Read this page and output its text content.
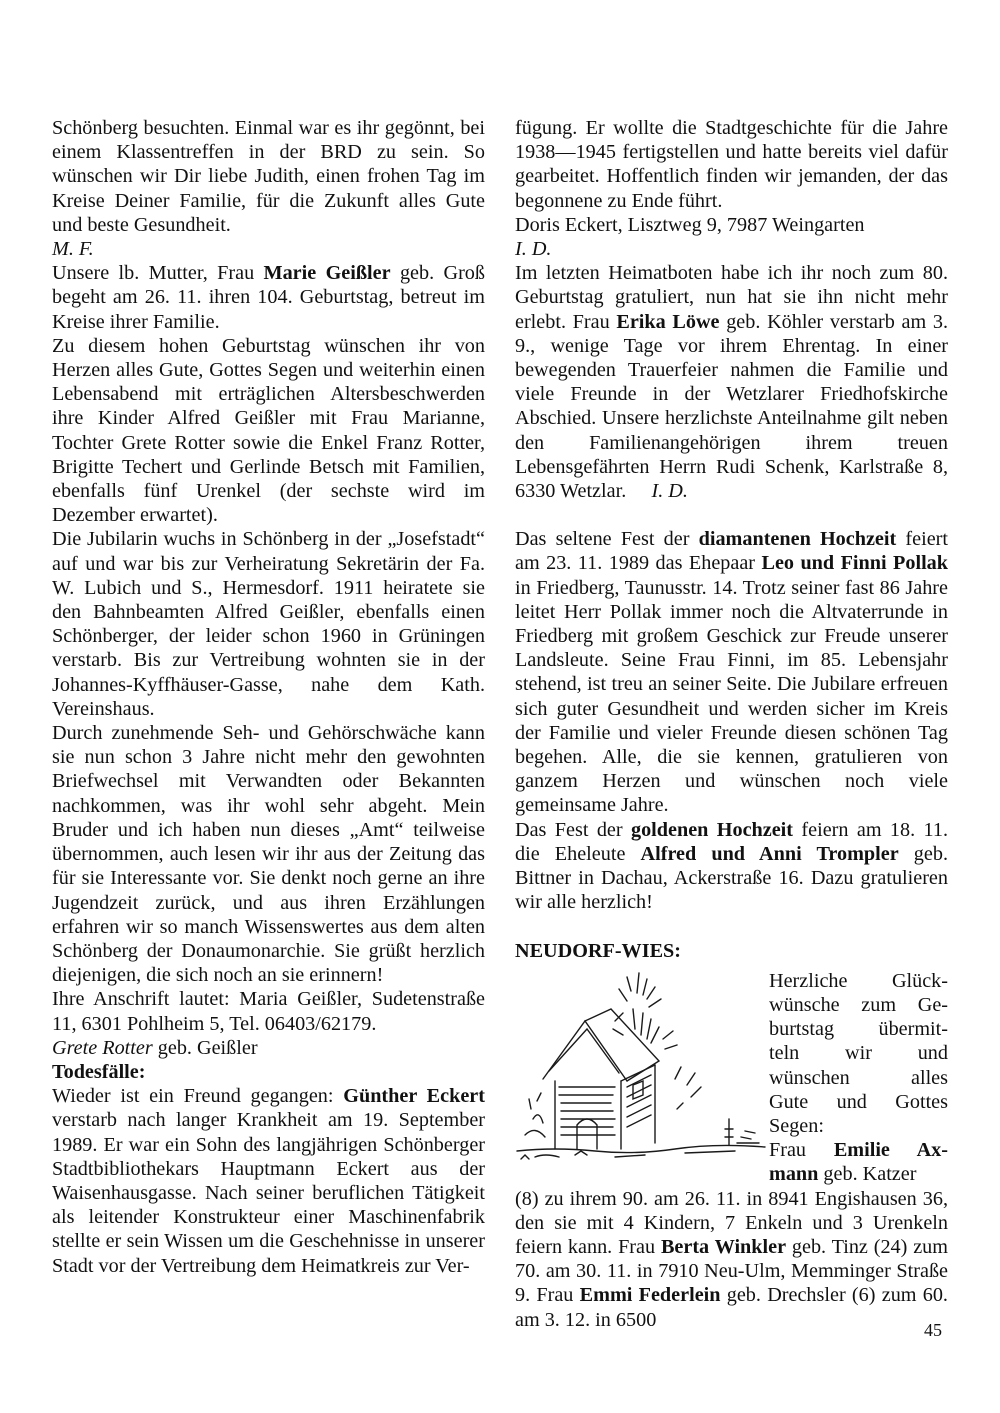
Schönberg besuchten. Einmal war es ihr gegönnt, bei einem Klassentreffen in der BRD zu sein. So wünschen wir Dir liebe Judith, einen frohen Tag im Kreise Deiner Familie, für die Zukunft alles Gute und beste Gesundheit.

M. F.

Unsere lb. Mutter, Frau Marie Geißler geb. Groß begeht am 26. 11. ihren 104. Geburtstag, betreut im Kreise ihrer Familie.

Zu diesem hohen Geburtstag wünschen ihr von Herzen alles Gute, Gottes Segen und weiterhin einen Lebensabend mit erträglichen Altersbeschwerden ihre Kinder Alfred Geißler mit Frau Marianne, Tochter Grete Rotter sowie die Enkel Franz Rotter, Brigitte Techert und Gerlinde Betsch mit Familien, ebenfalls fünf Urenkel (der sechste wird im Dezember erwartet).

Die Jubilarin wuchs in Schönberg in der „Josefstadt“ auf und war bis zur Verheiratung Sekretärin der Fa. W. Lubich und S., Hermesdorf. 1911 heiratete sie den Bahnbeamten Alfred Geißler, ebenfalls einen Schönberger, der leider schon 1960 in Grüningen verstarb. Bis zur Vertreibung wohnten sie in der Johannes-Kyffhäuser-Gasse, nahe dem Kath. Vereinshaus.

Durch zunehmende Seh- und Gehörschwäche kann sie nun schon 3 Jahre nicht mehr den gewohnten Briefwechsel mit Verwandten oder Bekannten nachkommen, was ihr wohl sehr abgeht. Mein Bruder und ich haben nun dieses „Amt“ teilweise übernommen, auch lesen wir ihr aus der Zeitung das für sie Interessante vor. Sie denkt noch gerne an ihre Jugendzeit zurück, und aus ihren Erzählungen erfahren wir so manch Wissenswertes aus dem alten Schönberg der Donaumonarchie. Sie grüßt herzlich diejenigen, die sich noch an sie erinnern!

Ihre Anschrift lautet: Maria Geißler, Sudetenstraße 11, 6301 Pohlheim 5, Tel. 06403/62179.

Grete Rotter geb. Geißler

Todesfälle:

Wieder ist ein Freund gegangen: Günther Eckert verstarb nach langer Krankheit am 19. September 1989. Er war ein Sohn des langjährigen Schönberger Stadtbibliothekars Hauptmann Eckert aus der Waisenhausgasse. Nach seiner beruflichen Tätigkeit als leitender Konstrukteur einer Maschinenfabrik stellte er sein Wissen um die Geschehnisse in unserer Stadt vor der Vertreibung dem Heimatkreis zur Ver-

fügung. Er wollte die Stadtgeschichte für die Jahre 1938—1945 fertigstellen und hatte bereits viel dafür gearbeitet. Hoffentlich finden wir jemanden, der das begonnene zu Ende führt.

Doris Eckert, Lisztweg 9, 7987 Weingarten

I. D.

Im letzten Heimatboten habe ich ihr noch zum 80. Geburtstag gratuliert, nun hat sie ihn nicht mehr erlebt. Frau Erika Löwe geb. Köhler verstarb am 3. 9., wenige Tage vor ihrem Ehrentag. In einer bewegenden Trauerfeier nahmen die Familie und viele Freunde in der Wetzlarer Friedhofskirche Abschied. Unsere herzlichste Anteilnahme gilt neben den Familienangehörigen ihrem treuen Lebensgefährten Herrn Rudi Schenk, Karlstraße 8, 6330 Wetzlar. I. D.

Das seltene Fest der diamantenen Hochzeit feiert am 23. 11. 1989 das Ehepaar Leo und Finni Pollak in Friedberg, Taunusstr. 14. Trotz seiner fast 86 Jahre leitet Herr Pollak immer noch die Altvaterrunde in Friedberg mit großem Geschick zur Freude unserer Landsleute. Seine Frau Finni, im 85. Lebensjahr stehend, ist treu an seiner Seite. Die Jubilare erfreuen sich guter Gesundheit und werden sicher im Kreis der Familie und vieler Freunde diesen schönen Tag begehen. Alle, die sie kennen, gratulieren von ganzem Herzen und wünschen noch viele gemeinsame Jahre.

Das Fest der goldenen Hochzeit feiern am 18. 11. die Eheleute Alfred und Anni Trompler geb. Bittner in Dachau, Ackerstraße 16. Dazu gratulieren wir alle herzlich!

NEUDORF-WIES:

Herzliche Glück-

wünsche zum Ge-

burtstag übermit-

teln wir und

wünschen alles

Gute und Gottes

Segen:

Frau Emilie Ax-

mann geb. Katzer

(8) zu ihrem 90. am 26. 11. in 8941 Engishausen 36, den sie mit 4 Kindern, 7 Enkeln und 3 Urenkeln feiern kann. Frau Berta Winkler geb. Tinz (24) zum 70. am 30. 11. in 7910 Neu-Ulm, Memminger Straße 9. Frau Emmi Federlein geb. Drechsler (6) zum 60. am 3. 12. in 6500	45
